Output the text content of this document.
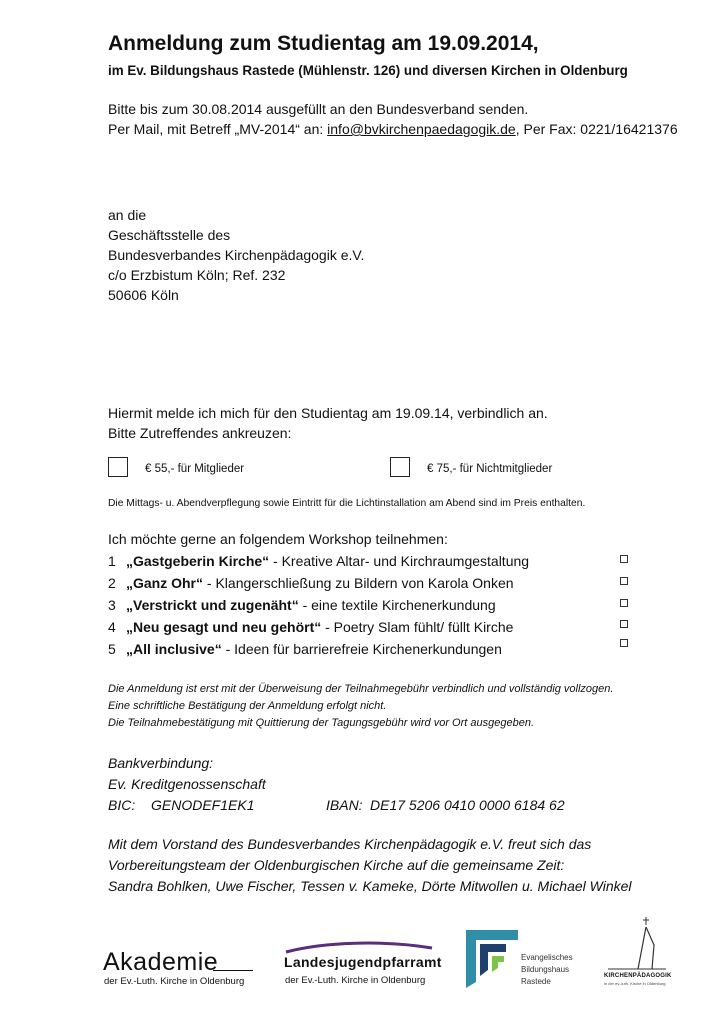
Anmeldung zum Studientag am 19.09.2014,
im Ev. Bildungshaus Rastede (Mühlenstr. 126) und diversen Kirchen in Oldenburg
Bitte bis zum 30.08.2014 ausgefüllt an den Bundesverband senden.
Per Mail, mit Betreff „MV-2014“ an: info@bvkirchenpaedagogik.de, Per Fax: 0221/16421376
an die
Geschäftsstelle des
Bundesverbandes Kirchenpädagogik e.V.
c/o Erzbistum Köln; Ref. 232
50606 Köln
Hiermit melde ich mich für den Studientag am 19.09.14, verbindlich an.
Bitte Zutreffendes ankreuzen:
€ 55,- für Mitglieder	€ 75,- für Nichtmitglieder
Die Mittags- u. Abendverpflegung sowie Eintritt für die Lichtinstallation am Abend sind im Preis enthalten.
Ich möchte gerne an folgendem Workshop teilnehmen:
1 „Gastgeberin Kirche“ - Kreative Altar- und Kirchraumgestaltung
2 „Ganz Ohr“ - Klangerschließung zu Bildern von Karola Onken
3 „Verstrickt und zugenäht“ - eine textile Kirchenerkundung
4 „Neu gesagt und neu gehört“ - Poetry Slam fühlt/ füllt Kirche
5 „All inclusive“ - Ideen für barrierefreie Kirchenerkundungen
Die Anmeldung ist erst mit der Überweisung der Teilnahmegebühr verbindlich und vollständig vollzogen.
Eine schriftliche Bestätigung der Anmeldung erfolgt nicht.
Die Teilnahmebestätigung mit Quittierung der Tagungsgebühr wird vor Ort ausgegeben.
Bankverbindung:
Ev. Kreditgenossenschaft
BIC: GENODEF1EK1	IBAN: DE17 5206 0410 0000 6184 62
Mit dem Vorstand des Bundesverbandes Kirchenpädagogik e.V. freut sich das
Vorbereitungsteam der Oldenburgischen Kirche auf die gemeinsame Zeit:
Sandra Bohlken, Uwe Fischer, Tessen v. Kameke, Dörte Mitwollen u. Michael Winkel
Akademie
der Ev.-Luth. Kirche in Oldenburg
Landesjugendpfarramt
der Ev.-Luth. Kirche in Oldenburg
Evangelisches
Bildungshaus
Rastede
KIRCHENPÄDAGOGIK
in der ev.-luth. Kirche in Oldenburg
